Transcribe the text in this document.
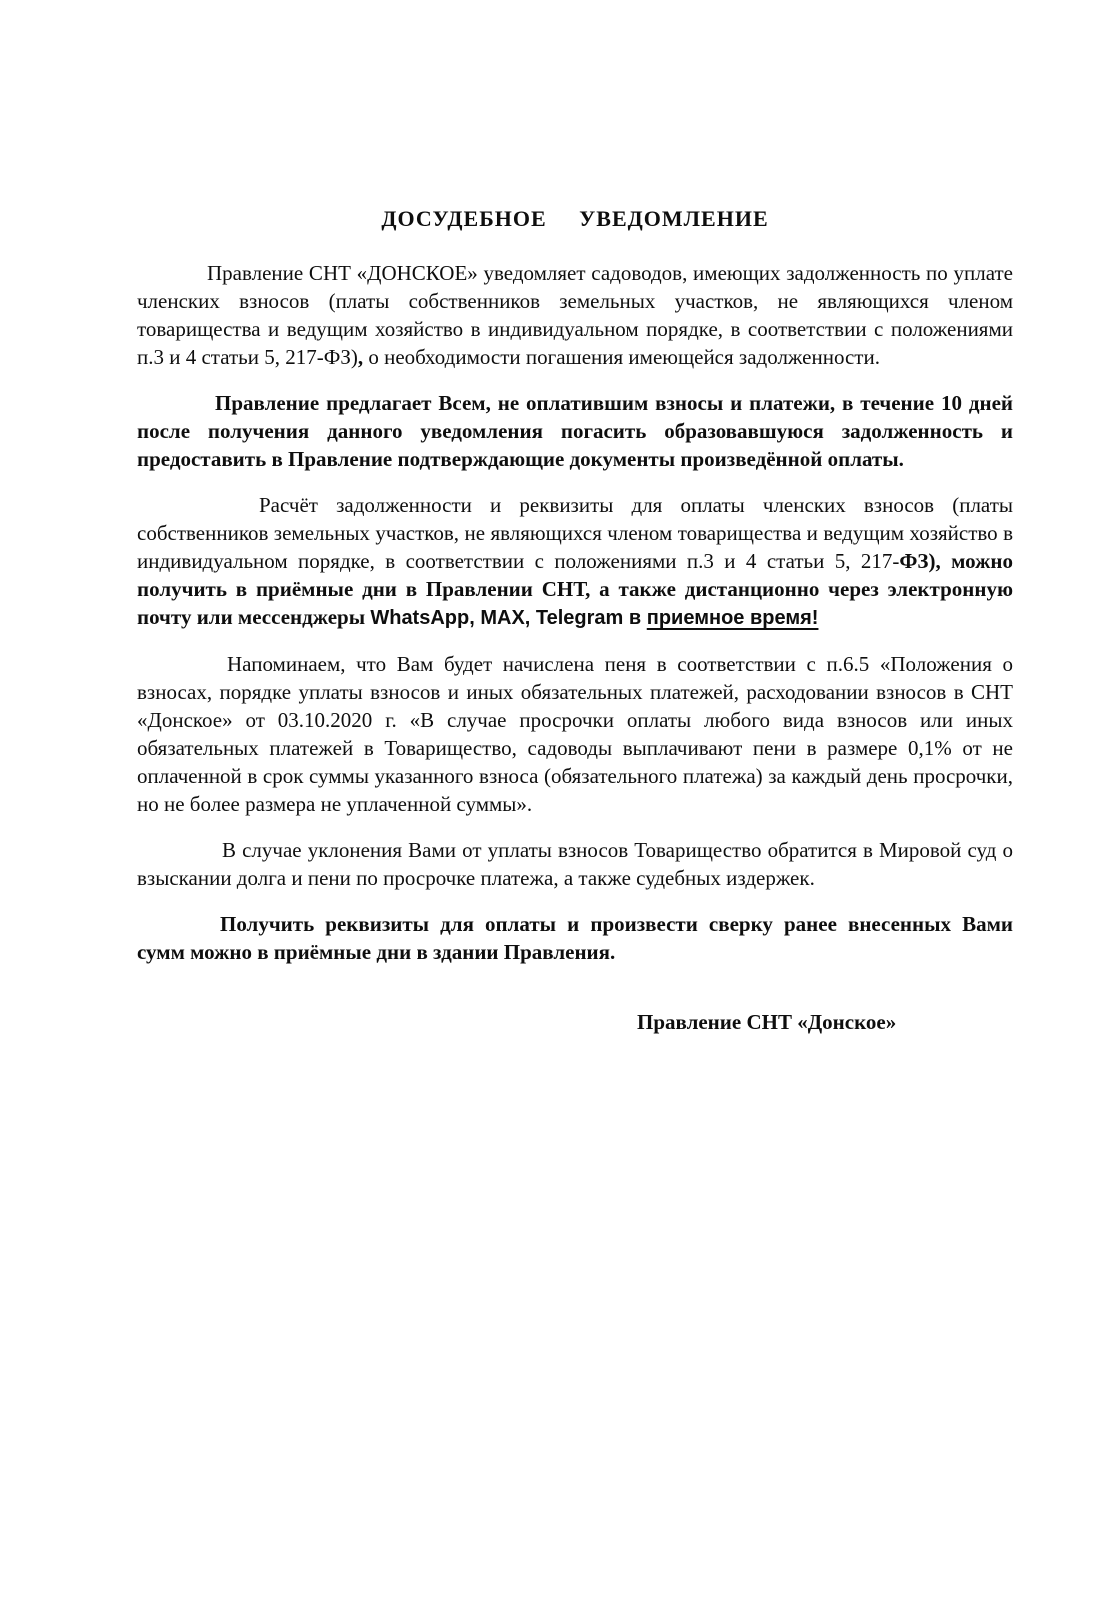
ДОСУДЕБНОЕ УВЕДОМЛЕНИЕ

Правление СНТ «ДОНСКОЕ» уведомляет садоводов, имеющих задолженность по уплате членских взносов (платы собственников земельных участков, не являющихся членом товарищества и ведущим хозяйство в индивидуальном порядке, в соответствии с положениями п.3 и 4 статьи 5, 217-ФЗ), о необходимости погашения имеющейся задолженности.

Правление предлагает Всем, не оплатившим взносы и платежи, в течение 10 дней после получения данного уведомления погасить образовавшуюся задолженность и предоставить в Правление подтверждающие документы произведённой оплаты.

Расчёт задолженности и реквизиты для оплаты членских взносов (платы собственников земельных участков, не являющихся членом товарищества и ведущим хозяйство в индивидуальном порядке, в соответствии с положениями п.3 и 4 статьи 5, 217-ФЗ), можно получить в приёмные дни в Правлении СНТ, а также дистанционно через электронную почту или мессенджеры WhatsApp, MAX, Telegram в приемное время!

Напоминаем, что Вам будет начислена пеня в соответствии с п.6.5 «Положения о взносах, порядке уплаты взносов и иных обязательных платежей, расходовании взносов в СНТ «Донское» от 03.10.2020 г. «В случае просрочки оплаты любого вида взносов или иных обязательных платежей в Товарищество, садоводы выплачивают пени в размере 0,1% от не оплаченной в срок суммы указанного взноса (обязательного платежа) за каждый день просрочки, но не более размера не уплаченной суммы».

В случае уклонения Вами от уплаты взносов Товарищество обратится в Мировой суд о взыскании долга и пени по просрочке платежа, а также судебных издержек.

Получить реквизиты для оплаты и произвести сверку ранее внесенных Вами сумм можно в приёмные дни в здании Правления.

Правление СНТ «Донское»
